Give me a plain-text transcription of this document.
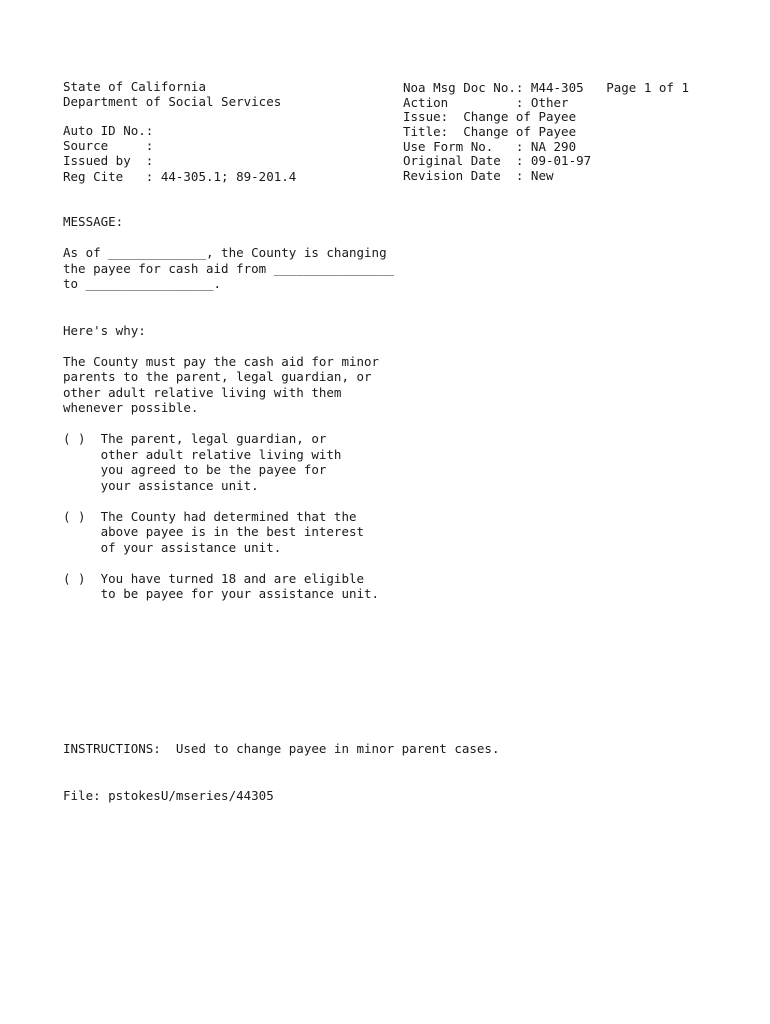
State of California

Department of Social Services

Auto ID No.:

Source     :

Issued by  :

Reg Cite   : 44-305.1; 89-201.4

Noa Msg Doc No.: M44-305   Page 1 of 1

Action         : Other

Issue:  Change of Payee

Title:  Change of Payee

Use Form No.   : NA 290

Original Date  : 09-01-97

Revision Date  : New

MESSAGE:

As of _____________, the County is changing

the payee for cash aid from ________________

to _________________.

Here's why:

The County must pay the cash aid for minor

parents to the parent, legal guardian, or

other adult relative living with them

whenever possible.

( )  The parent, legal guardian, or

other adult relative living with

you agreed to be the payee for

your assistance unit.

( )  The County had determined that the

above payee is in the best interest

of your assistance unit.

( )  You have turned 18 and are eligible

to be payee for your assistance unit.

INSTRUCTIONS:  Used to change payee in minor parent cases.

File: pstokesU/mseries/44305
